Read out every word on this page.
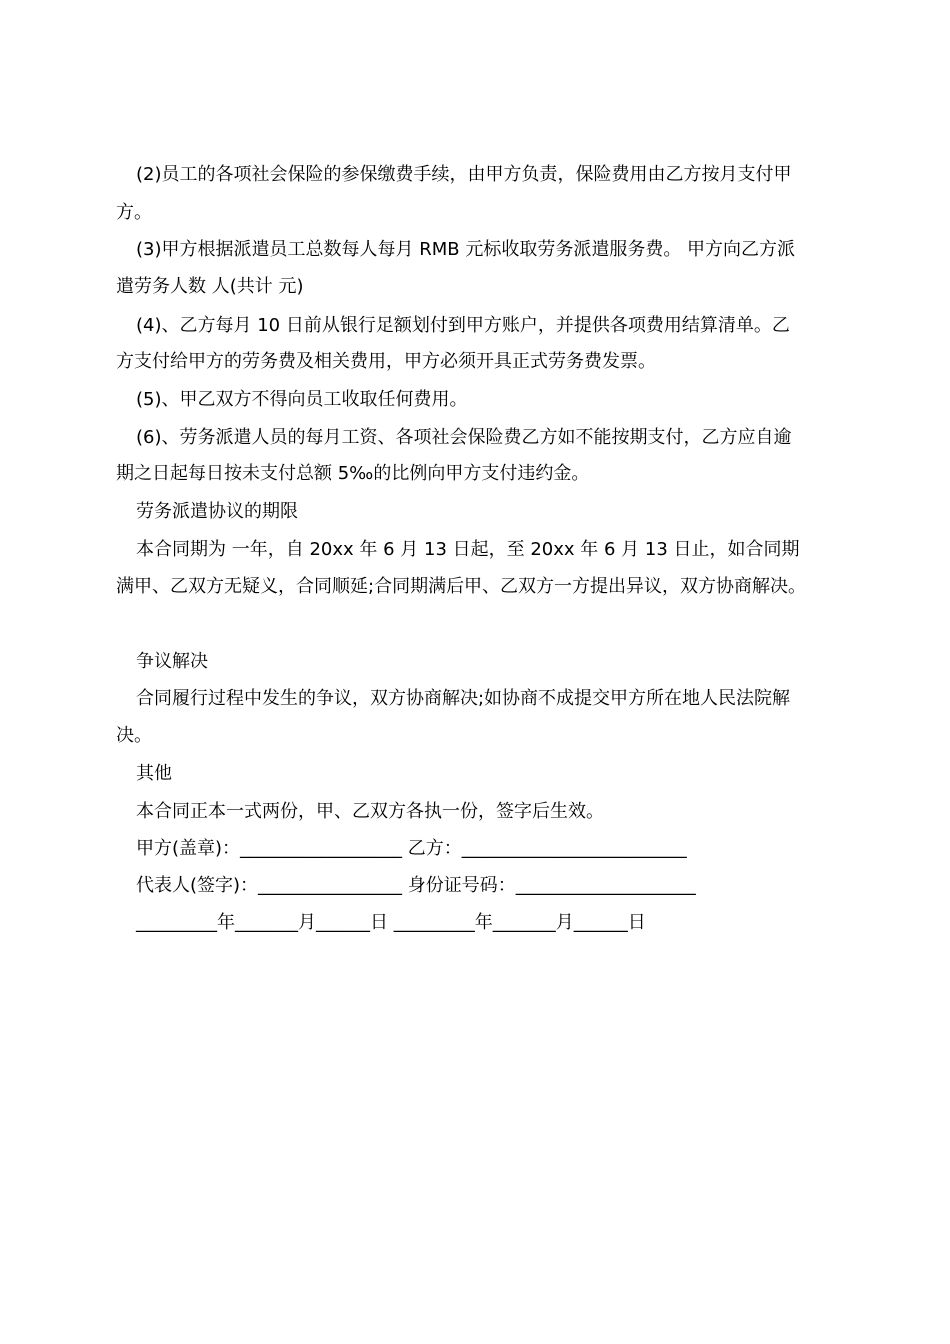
(2)员工的各项社会保险的参保缴费手续，由甲方负责，保险费用由乙方按月支付甲
方。
(3)甲方根据派遣员工总数每人每月 RMB 元标收取劳务派遣服务费。 甲方向乙方派
遣劳务人数 人(共计 元)
(4)、乙方每月 10 日前从银行足额划付到甲方账户，并提供各项费用结算清单。乙
方支付给甲方的劳务费及相关费用，甲方必须开具正式劳务费发票。
(5)、甲乙双方不得向员工收取任何费用。
(6)、劳务派遣人员的每月工资、各项社会保险费乙方如不能按期支付，乙方应自逾
期之日起每日按未支付总额 5‰的比例向甲方支付违约金。
劳务派遣协议的期限
本合同期为 一年，自 20xx 年 6 月 13 日起，至 20xx 年 6 月 13 日止，如合同期
满甲、乙双方无疑义，合同顺延;合同期满后甲、乙双方一方提出异议，双方协商解决。
争议解决
合同履行过程中发生的争议，双方协商解决;如协商不成提交甲方所在地人民法院解
决。
其他
本合同正本一式两份，甲、乙双方各执一份，签字后生效。
甲方(盖章)：__________________ 乙方：_________________________
代表人(签字)：________________ 身份证号码：____________________
_________年_______月______日 _________年_______月______日
